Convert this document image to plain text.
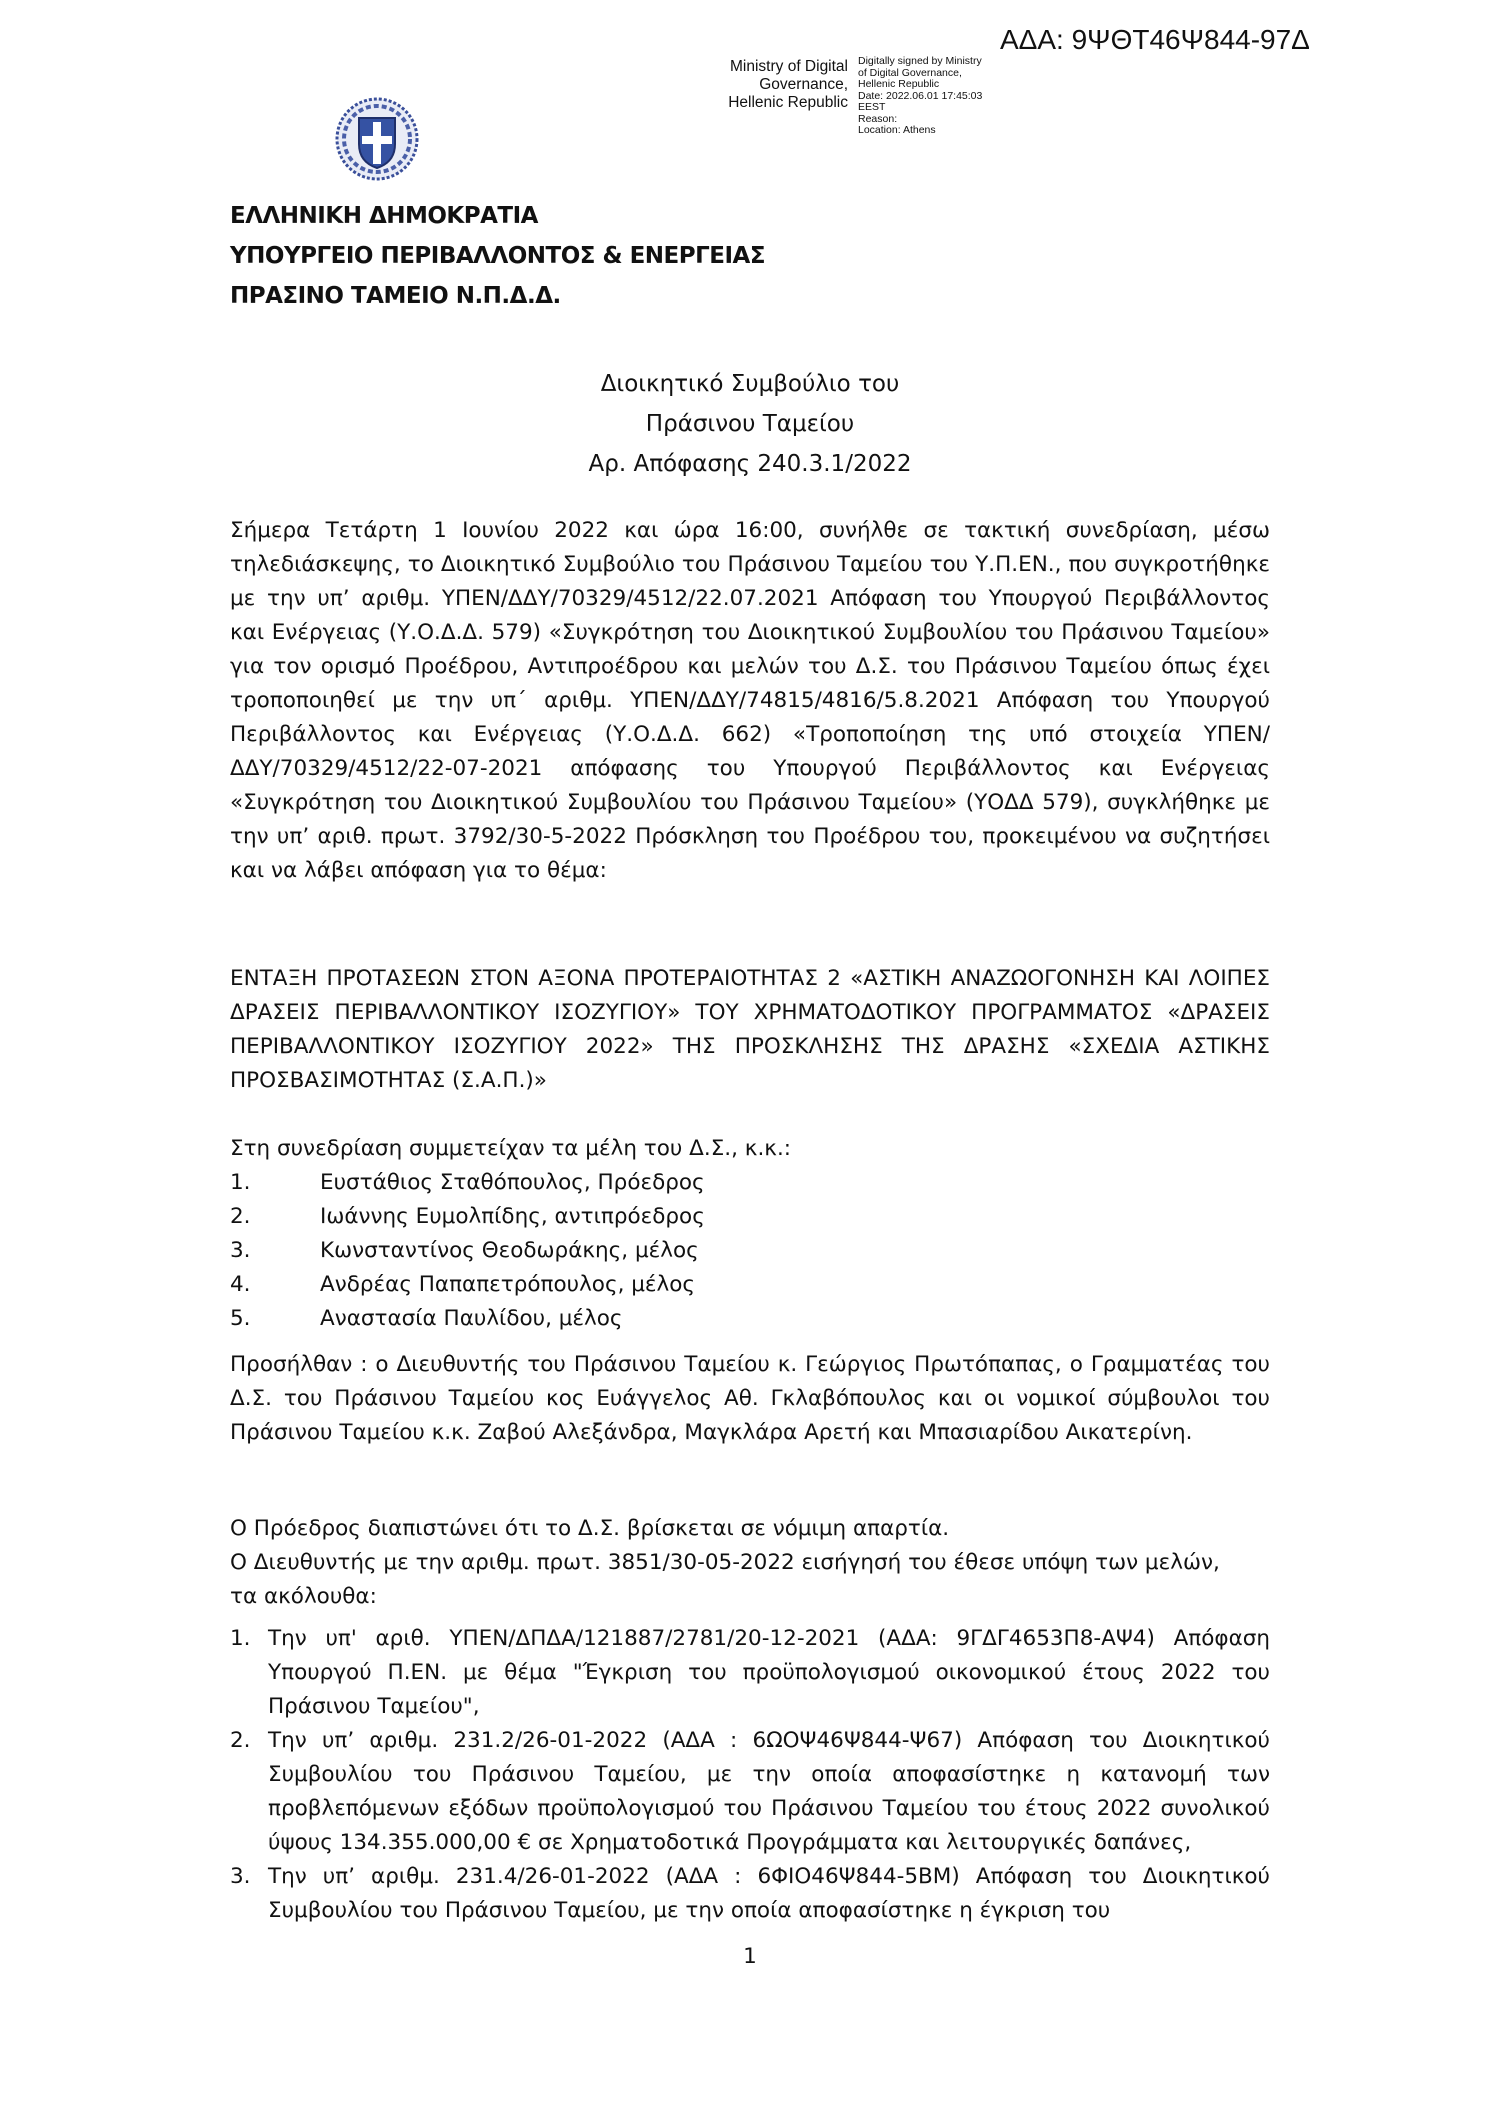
ΑΔΑ: 9ΨΘΤ46Ψ844-97Δ
Ministry of Digital
Governance,
Hellenic Republic
Digitally signed by Ministry
of Digital Governance,
Hellenic Republic
Date: 2022.06.01 17:45:03
EEST
Reason:
Location: Athens
ΕΛΛΗΝΙΚΗ ΔΗΜΟΚΡΑΤΙΑ
ΥΠΟΥΡΓΕΙΟ ΠΕΡΙΒΑΛΛΟΝΤΟΣ & ΕΝΕΡΓΕΙΑΣ
ΠΡΑΣΙΝΟ ΤΑΜΕΙΟ Ν.Π.Δ.Δ.
Διοικητικό Συμβούλιο του
Πράσινου Ταμείου
Αρ. Απόφασης 240.3.1/2022

Σήμερα Τετάρτη 1 Ιουνίου 2022 και ώρα 16:00, συνήλθε σε τακτική συνεδρίαση, μέσω τηλεδιάσκεψης, το Διοικητικό Συμβούλιο του Πράσινου Ταμείου του Υ.Π.ΕΝ., που συγκροτήθηκε με την υπ’ αριθμ. ΥΠΕΝ/ΔΔΥ/70329/4512/22.07.2021 Απόφαση του Υπουργού Περιβάλλοντος και Ενέργειας (Υ.Ο.Δ.Δ. 579) «Συγκρότηση του Διοικητικού Συμβουλίου του Πράσινου Ταμείου» για τον ορισμό Προέδρου, Αντιπροέδρου και μελών του Δ.Σ. του Πράσινου Ταμείου όπως έχει τροποποιηθεί με την υπ΄ αριθμ. ΥΠΕΝ/ΔΔΥ/74815/4816/5.8.2021 Απόφαση του Υπουργού Περιβάλλοντος και Ενέργειας (Υ.Ο.Δ.Δ. 662) «Τροποποίηση της υπό στοιχεία ΥΠΕΝ/ΔΔΥ/70329/4512/22-07-2021 απόφασης του Υπουργού Περιβάλλοντος και Ενέργειας «Συγκρότηση του Διοικητικού Συμβουλίου του Πράσινου Ταμείου» (ΥΟΔΔ 579), συγκλήθηκε με την υπ’ αριθ. πρωτ. 3792/30-5-2022 Πρόσκληση του Προέδρου του, προκειμένου να συζητήσει και να λάβει απόφαση για το θέμα:

ΕΝΤΑΞΗ ΠΡΟΤΑΣΕΩΝ ΣΤΟΝ ΑΞΟΝΑ ΠΡΟΤΕΡΑΙΟΤΗΤΑΣ 2 «ΑΣΤΙΚΗ ΑΝΑΖΩΟΓΟΝΗΣΗ ΚΑΙ ΛΟΙΠΕΣ ΔΡΑΣΕΙΣ ΠΕΡΙΒΑΛΛΟΝΤΙΚΟΥ ΙΣΟΖΥΓΙΟΥ» ΤΟΥ ΧΡΗΜΑΤΟΔΟΤΙΚΟΥ ΠΡΟΓΡΑΜΜΑΤΟΣ «ΔΡΑΣΕΙΣ ΠΕΡΙΒΑΛΛΟΝΤΙΚΟΥ ΙΣΟΖΥΓΙΟΥ 2022» ΤΗΣ ΠΡΟΣΚΛΗΣΗΣ ΤΗΣ ΔΡΑΣΗΣ «ΣΧΕΔΙΑ ΑΣΤΙΚΗΣ ΠΡΟΣΒΑΣΙΜΟΤΗΤΑΣ (Σ.Α.Π.)»

Στη συνεδρίαση συμμετείχαν τα μέλη του Δ.Σ., κ.κ.:

1.	Ευστάθιος Σταθόπουλος, Πρόεδρος
2.	Ιωάννης Ευμολπίδης, αντιπρόεδρος
3.	Κωνσταντίνος Θεοδωράκης, μέλος
4.	Ανδρέας Παπαπετρόπουλος, μέλος
5.	Αναστασία Παυλίδου, μέλος

Προσήλθαν : ο Διευθυντής του Πράσινου Ταμείου κ. Γεώργιος Πρωτόπαπας, ο Γραμματέας του Δ.Σ. του Πράσινου Ταμείου κος Ευάγγελος Αθ. Γκλαβόπουλος και οι νομικοί σύμβουλοι του Πράσινου Ταμείου κ.κ. Ζαβού Αλεξάνδρα, Μαγκλάρα Αρετή και Μπασιαρίδου Αικατερίνη.

Ο Πρόεδρος διαπιστώνει ότι το Δ.Σ. βρίσκεται σε νόμιμη απαρτία.
Ο Διευθυντής με την αριθμ. πρωτ. 3851/30-05-2022 εισήγησή του έθεσε υπόψη των μελών,
τα ακόλουθα:
1. Την υπ' αριθ. ΥΠΕΝ/ΔΠΔΑ/121887/2781/20-12-2021 (ΑΔΑ: 9ΓΔΓ4653Π8-ΑΨ4) Απόφαση Υπουργού Π.ΕΝ. με θέμα "Έγκριση του προϋπολογισμού οικονομικού έτους 2022 του Πράσινου Ταμείου",
2. Την υπ’ αριθμ. 231.2/26-01-2022 (ΑΔΑ : 6ΩΟΨ46Ψ844-Ψ67) Απόφαση του Διοικητικού Συμβουλίου του Πράσινου Ταμείου, με την οποία αποφασίστηκε η κατανομή των προβλεπόμενων εξόδων προϋπολογισμού του Πράσινου Ταμείου του έτους 2022 συνολικού ύψους 134.355.000,00 € σε Χρηματοδοτικά Προγράμματα και λειτουργικές δαπάνες,
3. Την υπ’ αριθμ. 231.4/26-01-2022 (ΑΔΑ : 6ΦΙΟ46Ψ844-5ΒΜ) Απόφαση του Διοικητικού Συμβουλίου του Πράσινου Ταμείου, με την οποία αποφασίστηκε η έγκριση του
1
